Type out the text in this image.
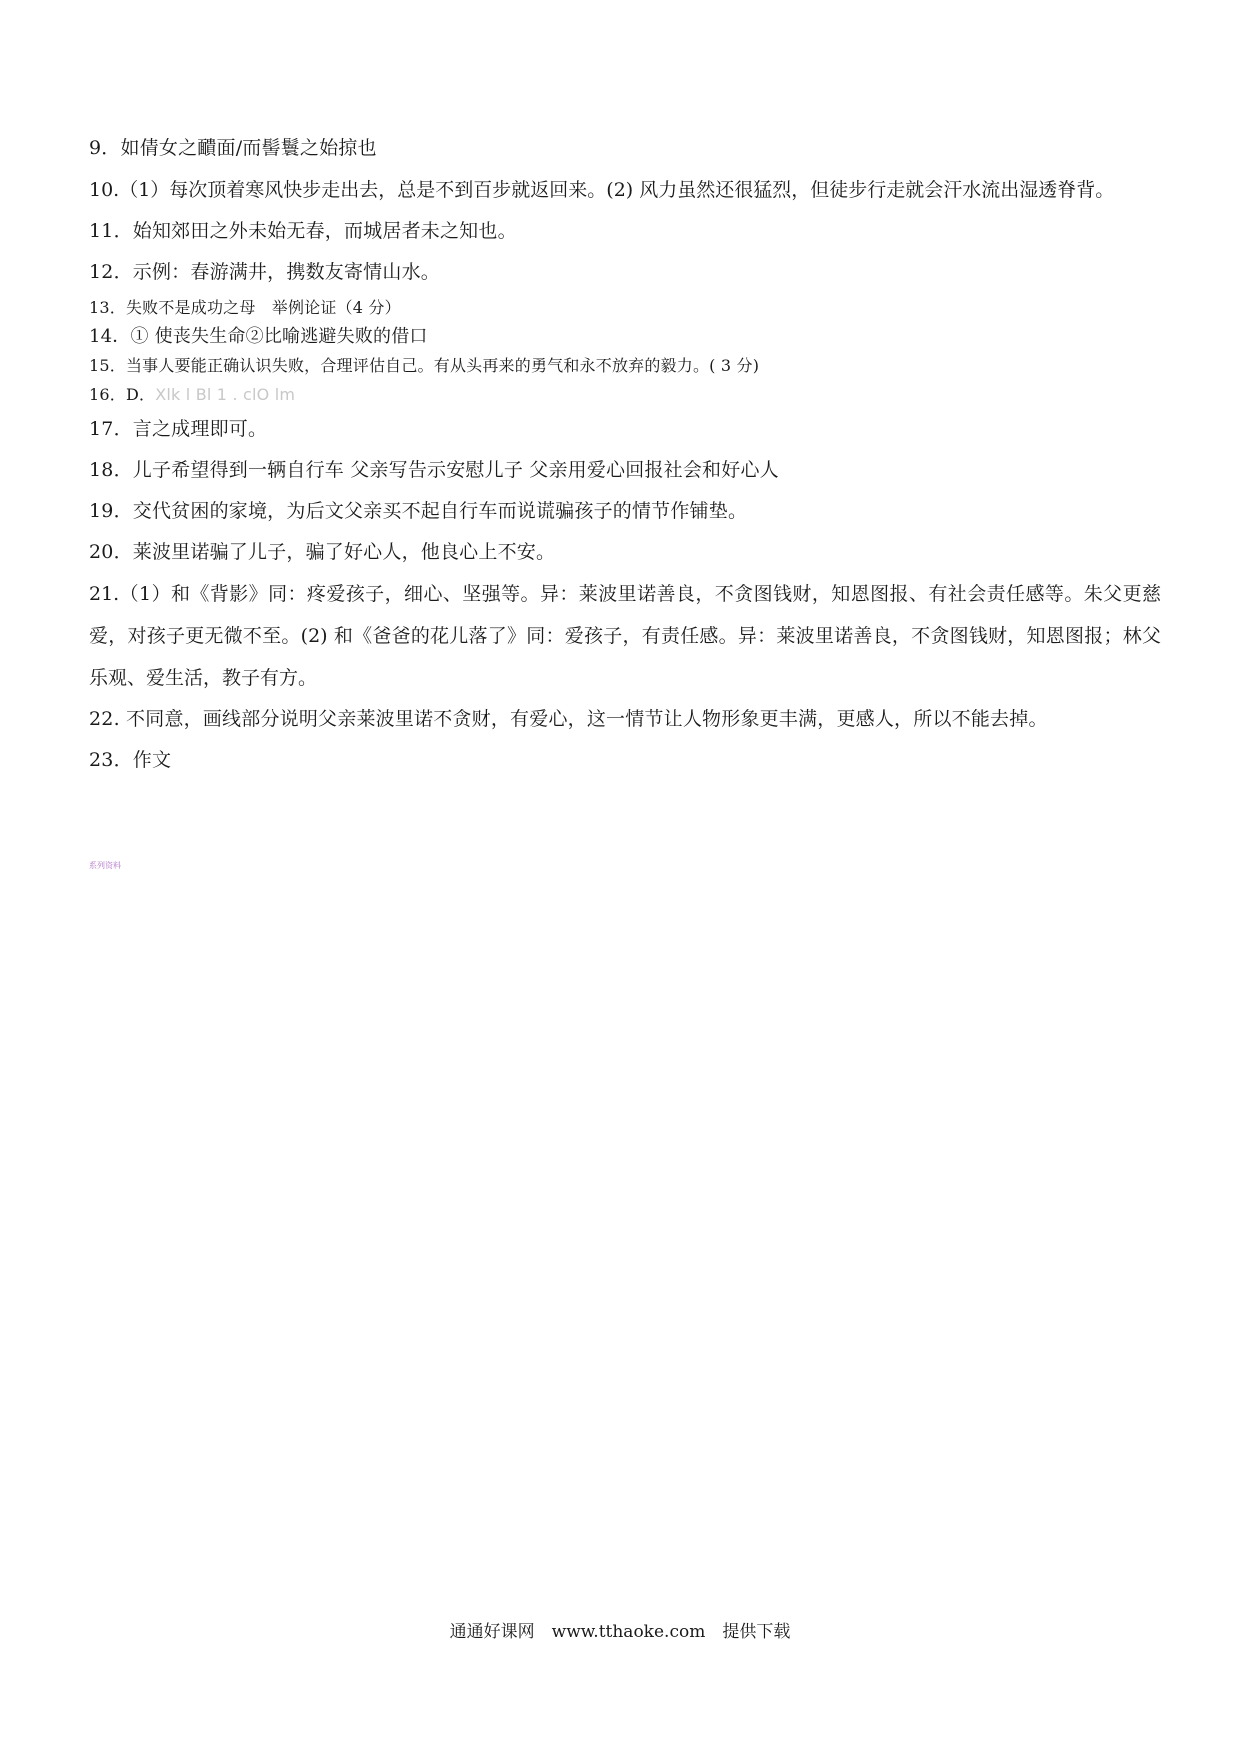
9．如倩女之靧面/而髻鬟之始掠也
10.（1）每次顶着寒风快步走出去，总是不到百步就返回来。(2) 风力虽然还很猛烈，但徒步行走就会汗水流出湿透脊背。
11．始知郊田之外未始无春，而城居者未之知也。
12．示例：春游满井，携数友寄情山水。
13．失败不是成功之母　举例论证（4 分）
14．① 使丧失生命②比喻逃避失败的借口
15．当事人要能正确认识失败，合理评估自己。有从头再来的勇气和永不放弃的毅力。( 3 分)
16．D．Xlk l Bl 1 . clO lm
17．言之成理即可。
18．儿子希望得到一辆自行车 父亲写告示安慰儿子 父亲用爱心回报社会和好心人
19．交代贫困的家境，为后文父亲买不起自行车而说谎骗孩子的情节作铺垫。
20．莱波里诺骗了儿子，骗了好心人，他良心上不安。
21.（1）和《背影》同：疼爱孩子，细心、坚强等。异：莱波里诺善良，不贪图钱财，知恩图报、有社会责任感等。朱父更慈爱，对孩子更无微不至。(2) 和《爸爸的花儿落了》同：爱孩子，有责任感。异：莱波里诺善良，不贪图钱财，知恩图报；林父乐观、爱生活，教子有方。
22. 不同意，画线部分说明父亲莱波里诺不贪财，有爱心，这一情节让人物形象更丰满，更感人，所以不能去掉。
23．作文
系列资料
通通好课网　www.tthaoke.com　提供下载
